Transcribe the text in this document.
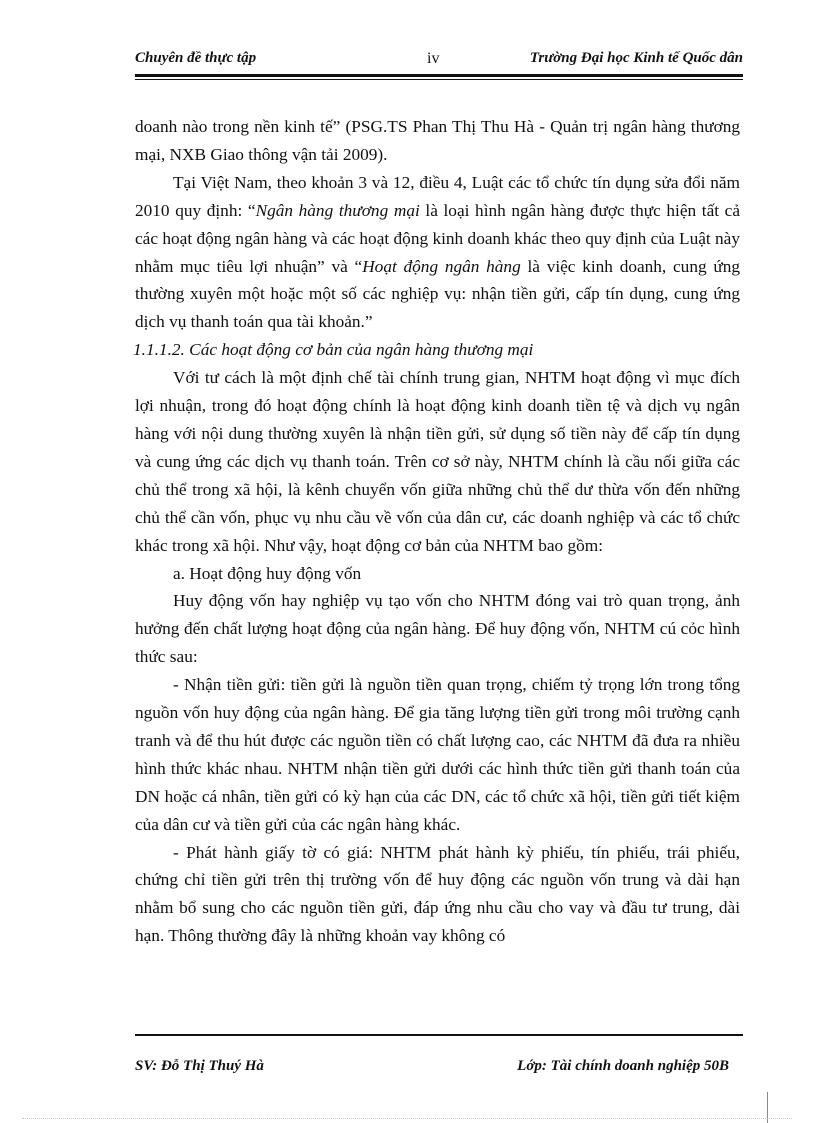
Chuyên đề thực tập	iv	Trường Đại học Kinh tế Quốc dân

doanh nào trong nền kinh tế” (PSG.TS Phan Thị Thu Hà - Quản trị ngân hàng thương mại, NXB Giao thông vận tải 2009).

Tại Việt Nam, theo khoản 3 và 12, điều 4, Luật các tổ chức tín dụng sửa đổi năm 2010 quy định: “Ngân hàng thương mại là loại hình ngân hàng được thực hiện tất cả các hoạt động ngân hàng và các hoạt động kinh doanh khác theo quy định của Luật này nhằm mục tiêu lợi nhuận” và “Hoạt động ngân hàng là việc kinh doanh, cung ứng thường xuyên một hoặc một số các nghiệp vụ: nhận tiền gửi, cấp tín dụng, cung ứng dịch vụ thanh toán qua tài khoản.”

1.1.1.2. Các hoạt động cơ bản của ngân hàng thương mại

Với tư cách là một định chế tài chính trung gian, NHTM hoạt động vì mục đích lợi nhuận, trong đó hoạt động chính là hoạt động kinh doanh tiền tệ và dịch vụ ngân hàng với nội dung thường xuyên là nhận tiền gửi, sử dụng số tiền này để cấp tín dụng và cung ứng các dịch vụ thanh toán. Trên cơ sở này, NHTM chính là cầu nối giữa các chủ thể trong xã hội, là kênh chuyển vốn giữa những chủ thể dư thừa vốn đến những chủ thể cần vốn, phục vụ nhu cầu về vốn của dân cư, các doanh nghiệp và các tổ chức khác trong xã hội. Như vậy, hoạt động cơ bản của NHTM bao gồm:

a. Hoạt động huy động vốn

Huy động vốn hay nghiệp vụ tạo vốn cho NHTM đóng vai trò quan trọng, ảnh hưởng đến chất lượng hoạt động của ngân hàng. Để huy động vốn, NHTM cú cỏc hình thức sau:

- Nhận tiền gửi: tiền gửi là nguồn tiền quan trọng, chiếm tỷ trọng lớn trong tổng nguồn vốn huy động của ngân hàng. Để gia tăng lượng tiền gửi trong môi trường cạnh tranh và để thu hút được các nguồn tiền có chất lượng cao, các NHTM đã đưa ra nhiều hình thức khác nhau. NHTM nhận tiền gửi dưới các hình thức tiền gửi thanh toán của DN hoặc cá nhân, tiền gửi có kỳ hạn của các DN, các tổ chức xã hội, tiền gửi tiết kiệm của dân cư và tiền gửi của các ngân hàng khác.

- Phát hành giấy tờ có giá: NHTM phát hành kỳ phiếu, tín phiếu, trái phiếu, chứng chỉ tiền gửi trên thị trường vốn để huy động các nguồn vốn trung và dài hạn nhằm bổ sung cho các nguồn tiền gửi, đáp ứng nhu cầu cho vay và đầu tư trung, dài hạn. Thông thường đây là những khoản vay không có

SV: Đỗ Thị Thuý Hà	Lớp: Tài chính doanh nghiệp 50B
